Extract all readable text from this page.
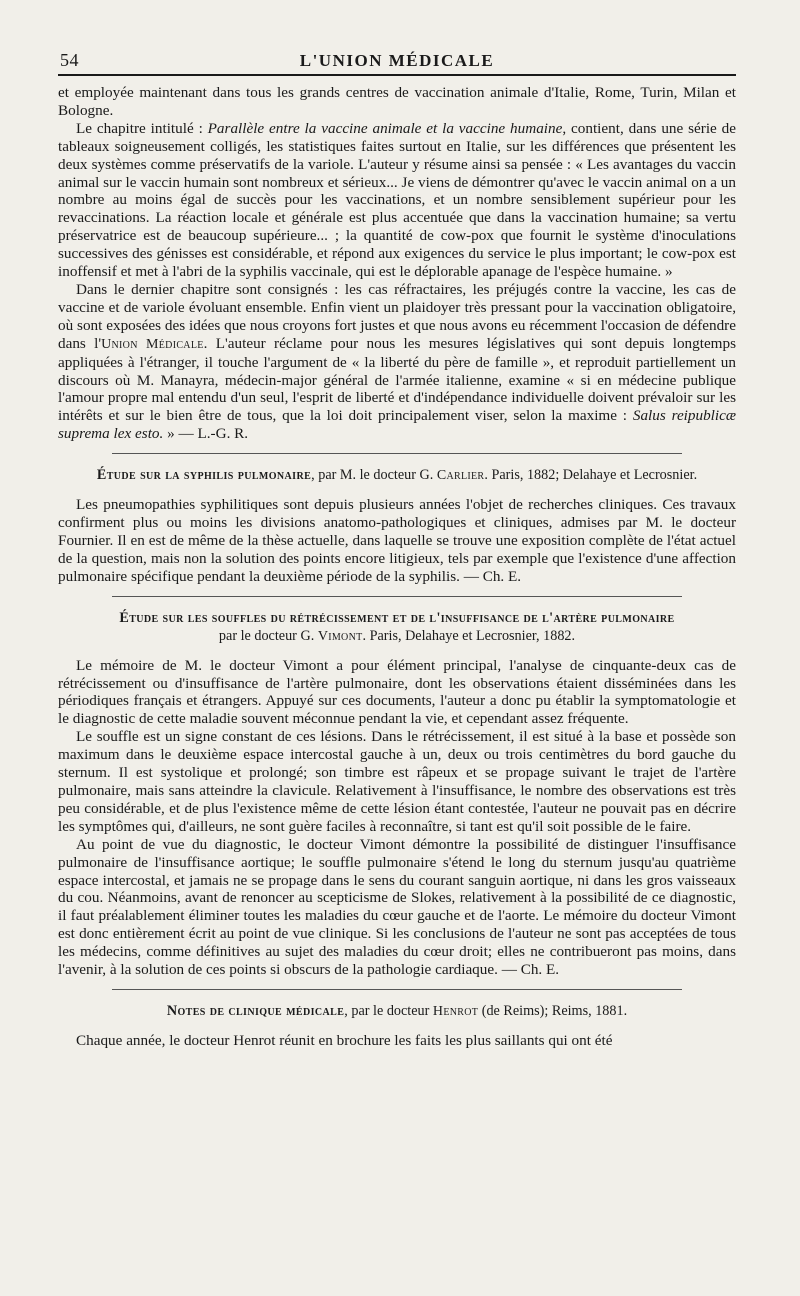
54	L'UNION MÉDICALE

et employée maintenant dans tous les grands centres de vaccination animale d'Italie, Rome, Turin, Milan et Bologne.

Le chapitre intitulé : Parallèle entre la vaccine animale et la vaccine humaine, contient, dans une série de tableaux soigneusement colligés, les statistiques faites surtout en Italie, sur les différences que présentent les deux systèmes comme préservatifs de la variole. L'auteur y résume ainsi sa pensée : « Les avantages du vaccin animal sur le vaccin humain sont nombreux et sérieux... Je viens de démontrer qu'avec le vaccin animal on a un nombre au moins égal de succès pour les vaccinations, et un nombre sensiblement supérieur pour les revaccinations. La réaction locale et générale est plus accentuée que dans la vaccination humaine; sa vertu préservatrice est de beaucoup supérieure... ; la quantité de cow-pox que fournit le système d'inoculations successives des génisses est considérable, et répond aux exigences du service le plus important; le cow-pox est inoffensif et met à l'abri de la syphilis vaccinale, qui est le déplorable apanage de l'espèce humaine. »

Dans le dernier chapitre sont consignés : les cas réfractaires, les préjugés contre la vaccine, les cas de vaccine et de variole évoluant ensemble. Enfin vient un plaidoyer très pressant pour la vaccination obligatoire, où sont exposées des idées que nous croyons fort justes et que nous avons eu récemment l'occasion de défendre dans l'Union Médicale. L'auteur réclame pour nous les mesures législatives qui sont depuis longtemps appliquées à l'étranger, il touche l'argument de « la liberté du père de famille », et reproduit partiellement un discours où M. Manayra, médecin-major général de l'armée italienne, examine « si en médecine publique l'amour propre mal entendu d'un seul, l'esprit de liberté et d'indépendance individuelle doivent prévaloir sur les intérêts et sur le bien être de tous, que la loi doit principalement viser, selon la maxime : Salus reipublicæ suprema lex esto. » — L.-G. R.

Étude sur la syphilis pulmonaire, par M. le docteur G. Carlier. Paris, 1882; Delahaye et Lecrosnier.

Les pneumopathies syphilitiques sont depuis plusieurs années l'objet de recherches cliniques. Ces travaux confirment plus ou moins les divisions anatomo-pathologiques et cliniques, admises par M. le docteur Fournier. Il en est de même de la thèse actuelle, dans laquelle se trouve une exposition complète de l'état actuel de la question, mais non la solution des points encore litigieux, tels par exemple que l'existence d'une affection pulmonaire spécifique pendant la deuxième période de la syphilis. — Ch. E.

Étude sur les souffles du rétrécissement et de l'insuffisance de l'artère pulmonaire
par le docteur G. Vimont. Paris, Delahaye et Lecrosnier, 1882.

Le mémoire de M. le docteur Vimont a pour élément principal, l'analyse de cinquante-deux cas de rétrécissement ou d'insuffisance de l'artère pulmonaire, dont les observations étaient disséminées dans les périodiques français et étrangers. Appuyé sur ces documents, l'auteur a donc pu établir la symptomatologie et le diagnostic de cette maladie souvent méconnue pendant la vie, et cependant assez fréquente.

Le souffle est un signe constant de ces lésions. Dans le rétrécissement, il est situé à la base et possède son maximum dans le deuxième espace intercostal gauche à un, deux ou trois centimètres du bord gauche du sternum. Il est systolique et prolongé; son timbre est râpeux et se propage suivant le trajet de l'artère pulmonaire, mais sans atteindre la clavicule. Relativement à l'insuffisance, le nombre des observations est très peu considérable, et de plus l'existence même de cette lésion étant contestée, l'auteur ne pouvait pas en décrire les symptômes qui, d'ailleurs, ne sont guère faciles à reconnaître, si tant est qu'il soit possible de le faire.

Au point de vue du diagnostic, le docteur Vimont démontre la possibilité de distinguer l'insuffisance pulmonaire de l'insuffisance aortique; le souffle pulmonaire s'étend le long du sternum jusqu'au quatrième espace intercostal, et jamais ne se propage dans le sens du courant sanguin aortique, ni dans les gros vaisseaux du cou. Néanmoins, avant de renoncer au scepticisme de Slokes, relativement à la possibilité de ce diagnostic, il faut préalablement éliminer toutes les maladies du cœur gauche et de l'aorte. Le mémoire du docteur Vimont est donc entièrement écrit au point de vue clinique. Si les conclusions de l'auteur ne sont pas acceptées de tous les médecins, comme définitives au sujet des maladies du cœur droit; elles ne contribueront pas moins, dans l'avenir, à la solution de ces points si obscurs de la pathologie cardiaque. — Ch. E.

Notes de clinique médicale, par le docteur Henrot (de Reims); Reims, 1881.

Chaque année, le docteur Henrot réunit en brochure les faits les plus saillants qui ont été
